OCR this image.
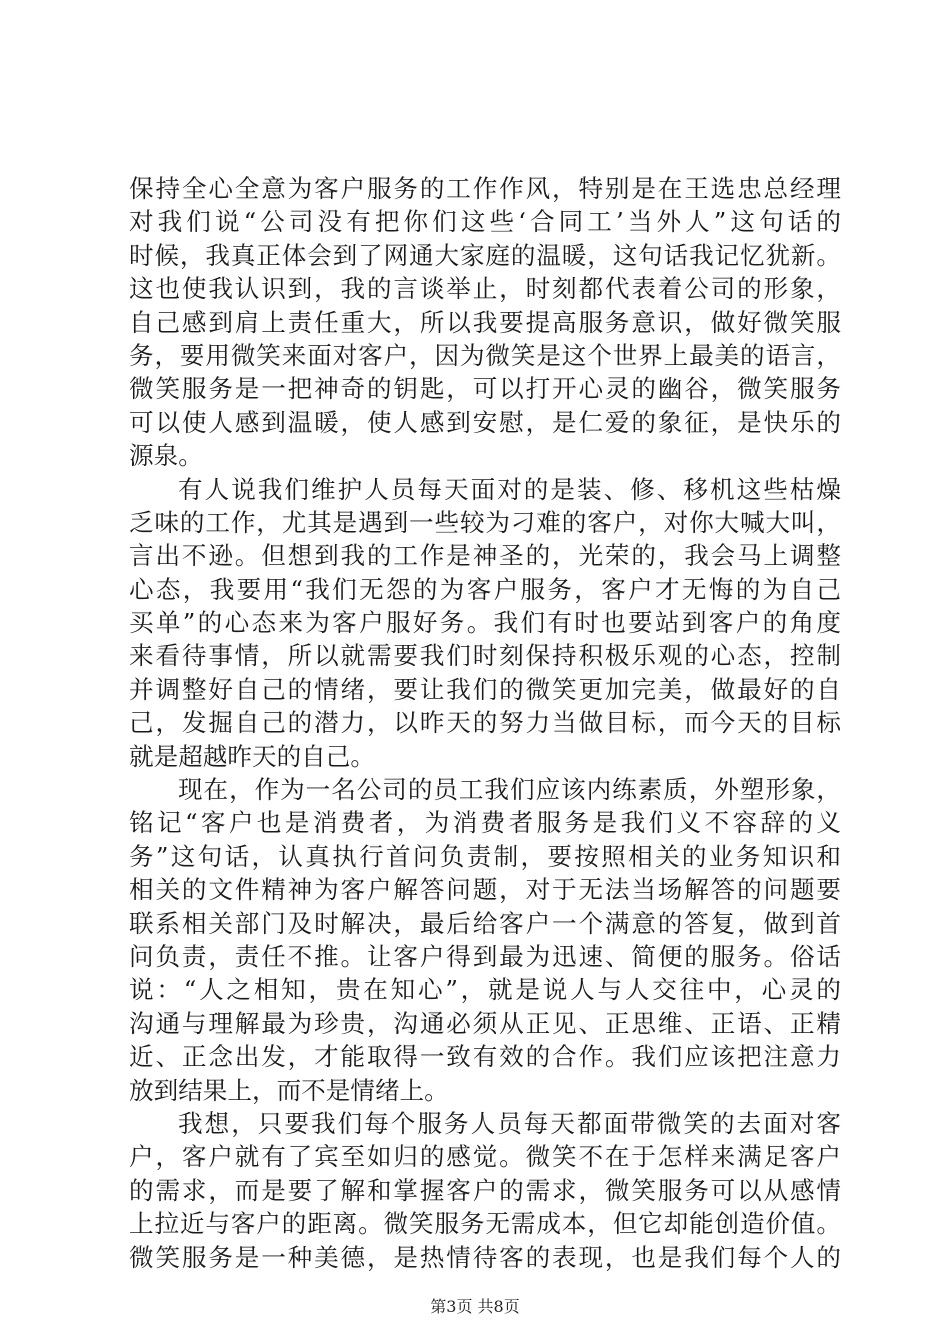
保持全心全意为客户服务的工作作风，特别是在王选忠总经理
对我们说“公司没有把你们这些‘合同工’当外人”这句话的
时候，我真正体会到了网通大家庭的温暖，这句话我记忆犹新。
这也使我认识到，我的言谈举止，时刻都代表着公司的形象，
自己感到肩上责任重大，所以我要提高服务意识，做好微笑服
务，要用微笑来面对客户，因为微笑是这个世界上最美的语言，
微笑服务是一把神奇的钥匙，可以打开心灵的幽谷，微笑服务
可以使人感到温暖，使人感到安慰，是仁爱的象征，是快乐的
源泉。
有人说我们维护人员每天面对的是装、修、移机这些枯燥
乏味的工作，尤其是遇到一些较为刁难的客户，对你大喊大叫，
言出不逊。但想到我的工作是神圣的，光荣的，我会马上调整
心态，我要用“我们无怨的为客户服务，客户才无悔的为自己
买单”的心态来为客户服好务。我们有时也要站到客户的角度
来看待事情，所以就需要我们时刻保持积极乐观的心态，控制
并调整好自己的情绪，要让我们的微笑更加完美，做最好的自
己，发掘自己的潜力，以昨天的努力当做目标，而今天的目标
就是超越昨天的自己。
现在，作为一名公司的员工我们应该内练素质，外塑形象，
铭记“客户也是消费者，为消费者服务是我们义不容辞的义
务”这句话，认真执行首问负责制，要按照相关的业务知识和
相关的文件精神为客户解答问题，对于无法当场解答的问题要
联系相关部门及时解决，最后给客户一个满意的答复，做到首
问负责，责任不推。让客户得到最为迅速、简便的服务。俗话
说：“人之相知，贵在知心”，就是说人与人交往中，心灵的
沟通与理解最为珍贵，沟通必须从正见、正思维、正语、正精
近、正念出发，才能取得一致有效的合作。我们应该把注意力
放到结果上，而不是情绪上。
我想，只要我们每个服务人员每天都面带微笑的去面对客
户，客户就有了宾至如归的感觉。微笑不在于怎样来满足客户
的需求，而是要了解和掌握客户的需求，微笑服务可以从感情
上拉近与客户的距离。微笑服务无需成本，但它却能创造价值。
微笑服务是一种美德，是热情待客的表现，也是我们每个人的
第3页 共8页
